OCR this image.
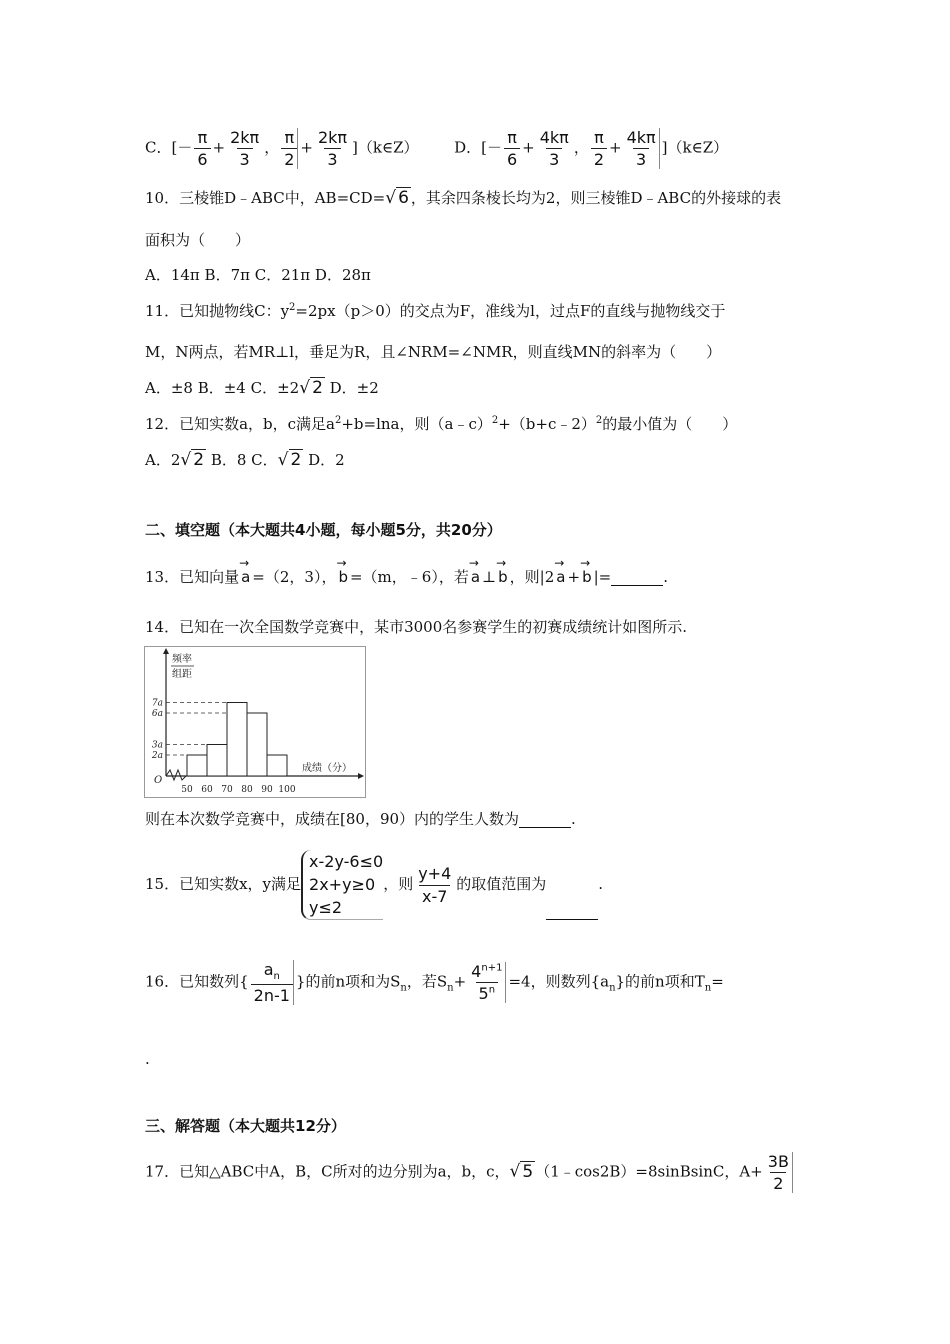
C．[－ $\frac{\pi}{6} + \frac{2k\pi}{3}$ ， $\frac{\pi}{2} + \frac{2k\pi}{3}$ ]（k∈Z） D．[－ $\frac{\pi}{6} + \frac{4k\pi}{3}$ ， $\frac{\pi}{2} + \frac{4k\pi}{3}$ ]（k∈Z）
10．三棱锥D﹣ABC中，AB=CD=√ 6 ，其余四条棱长均为2，则三棱锥D﹣ABC的外接球的表
面积为（　　）
A．14π B．7π C．21π D．28π
11．已知抛物线C：$y^2=2px(p>0)$的交点为F，准线为l，过点F的直线与抛物线交于
M，N两点，若MR⊥l，垂足为R，且∠NRM=∠NMR，则直线MN的斜率为（　　）
A．±8 B．±4 C．±2√ 2 D．±2
12．已知实数a，b，c满足$a^2+b=\ln a$，则（a﹣c）$^2$+（b+c﹣2）$^2$的最小值为（　　）
A．2√ 2 B．8 C．√ 2 D．2
二、填空题（本大题共4小题，每小题5分，共20分）
13．已知向量 → a =（2，3）， → b =（m，﹣6），若 → a ⊥ → b ，则|2 → a + → b |=	.
14．已知在一次全国数学竞赛中，某市3000名参赛学生的初赛成绩统计如图所示.
7a
6a
3a
2a
50 60 70 80 90 100
O
频率
组距
成绩（分）
则在本次数学竞赛中，成绩在[80，90）内的学生人数为	.
15．已知实数x，y满足
x-2y-6≤0
2x+y≥0
y≤2
，则 $\frac{y+4}{x-7}$ 的取值范围为	.
16．已知数列{ $\frac{a_n}{2n-1}$ }的前n项和为$S_n$，若$S_n+ \frac{4^{n+1}}{5^n} =4$，则数列$\{a_n\}$的前n项和$T_n=$
.
三、解答题（本大题共12分）
17．已知△ABC中A，B，C所对的边分别为a，b，c，√ 5 （1﹣cos2B）=8sinBsinC，$A+ \frac{3B}{2}$
